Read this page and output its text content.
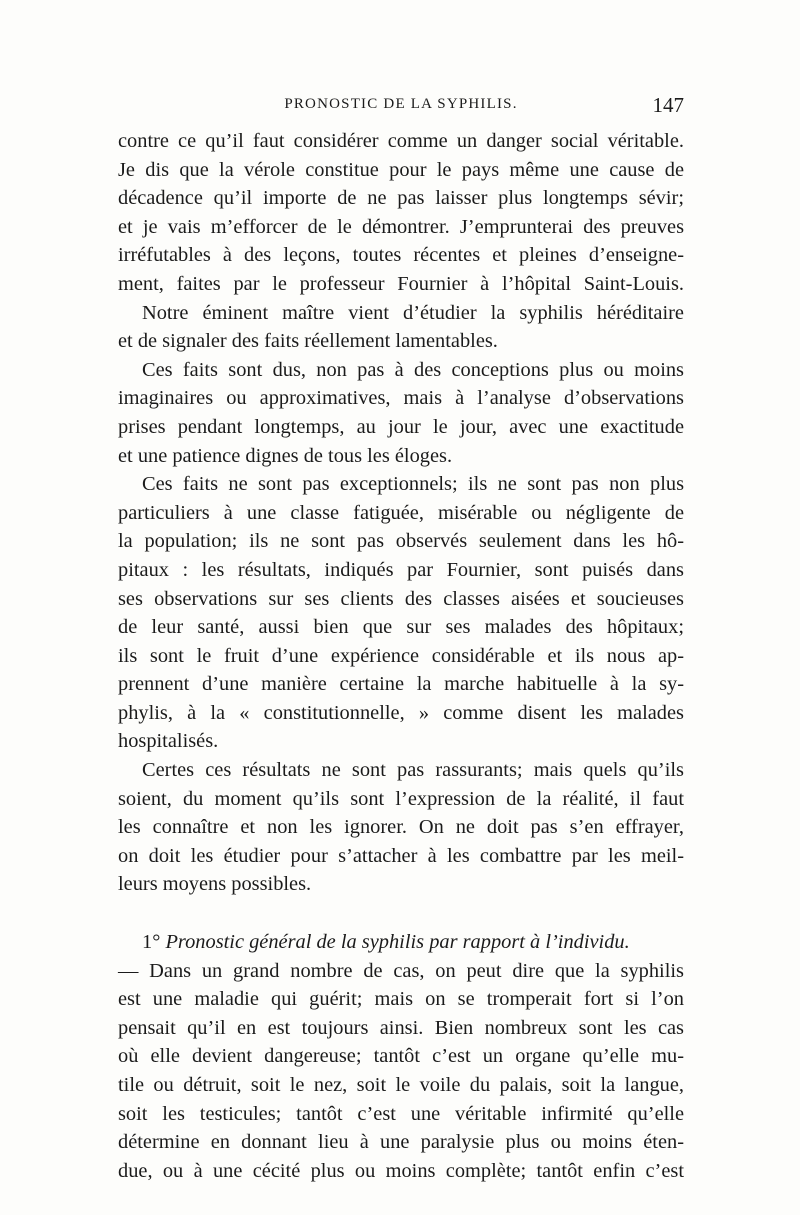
PRONOSTIC DE LA SYPHILIS.	147
contre ce qu’il faut considérer comme un danger social véritable.
Je dis que la vérole constitue pour le pays même une cause de
décadence qu’il importe de ne pas laisser plus longtemps sévir;
et je vais m’efforcer de le démontrer. J’emprunterai des preuves
irréfutables à des leçons, toutes récentes et pleines d’enseigne-
ment, faites par le professeur Fournier à l’hôpital Saint-Louis.
Notre éminent maître vient d’étudier la syphilis héréditaire
et de signaler des faits réellement lamentables.
Ces faits sont dus, non pas à des conceptions plus ou moins
imaginaires ou approximatives, mais à l’analyse d’observations
prises pendant longtemps, au jour le jour, avec une exactitude
et une patience dignes de tous les éloges.
Ces faits ne sont pas exceptionnels; ils ne sont pas non plus
particuliers à une classe fatiguée, misérable ou négligente de
la population; ils ne sont pas observés seulement dans les hô-
pitaux : les résultats, indiqués par Fournier, sont puisés dans
ses observations sur ses clients des classes aisées et soucieuses
de leur santé, aussi bien que sur ses malades des hôpitaux;
ils sont le fruit d’une expérience considérable et ils nous ap-
prennent d’une manière certaine la marche habituelle à la sy-
phylis, à la « constitutionnelle, » comme disent les malades
hospitalisés.
Certes ces résultats ne sont pas rassurants; mais quels qu’ils
soient, du moment qu’ils sont l’expression de la réalité, il faut
les connaître et non les ignorer. On ne doit pas s’en effrayer,
on doit les étudier pour s’attacher à les combattre par les meil-
leurs moyens possibles.
1° Pronostic général de la syphilis par rapport à l’individu.
— Dans un grand nombre de cas, on peut dire que la syphilis
est une maladie qui guérit; mais on se tromperait fort si l’on
pensait qu’il en est toujours ainsi. Bien nombreux sont les cas
où elle devient dangereuse; tantôt c’est un organe qu’elle mu-
tile ou détruit, soit le nez, soit le voile du palais, soit la langue,
soit les testicules; tantôt c’est une véritable infirmité qu’elle
détermine en donnant lieu à une paralysie plus ou moins éten-
due, ou à une cécité plus ou moins complète; tantôt enfin c’est
